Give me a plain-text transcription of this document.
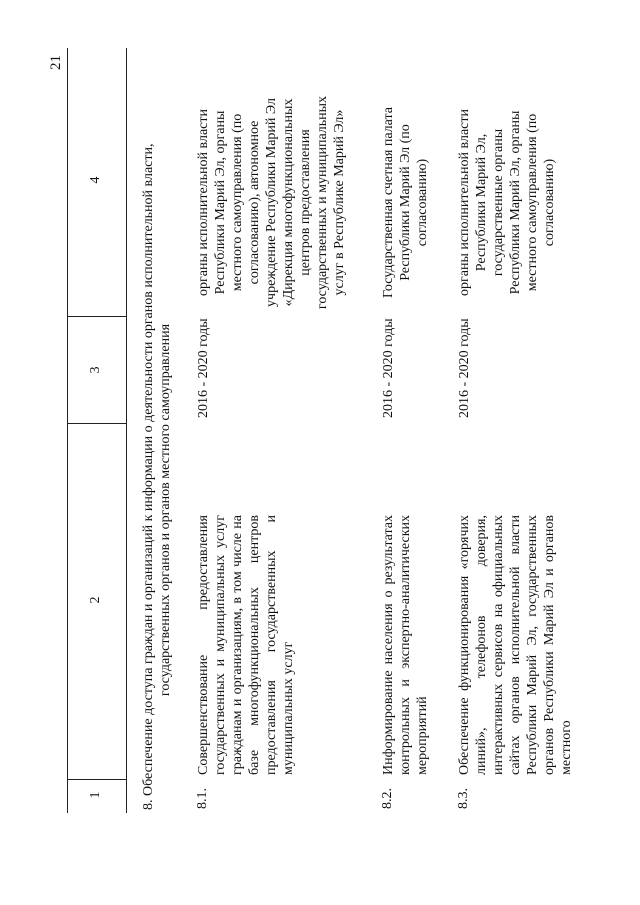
21
1
2
3
4	8. Обеспечение доступа граждан и организаций к информации о деятельности органов исполнительной власти, государственных органов и органов местного самоуправления
8.1.
Совершенствование предоставления государственных и муниципальных услуг гражданам и организациям, в том числе на базе многофункциональных центров предоставления государственных и муниципальных услуг
2016 - 2020 годы
органы исполнительной власти Республики Марий Эл, органы местного самоуправления (по согласованию), автономное учреждение Республики Марий Эл «Дирекция многофункциональных центров предоставления государственных и муниципальных услуг в Республике Марий Эл»
8.2.
Информирование населения о результатах контрольных и экспертно-аналитических мероприятий
2016 - 2020 годы
Государственная счетная палата Республики Марий Эл (по согласованию)
8.3.
Обеспечение функционирования «горячих линий», телефонов доверия, интерактивных сервисов на официальных сайтах органов исполнительной власти Республики Марий Эл, государственных органов Республики Марий Эл и органов местного
2016 - 2020 годы
органы исполнительной власти Республики Марий Эл, государственные органы Республики Марий Эл, органы местного самоуправления (по согласованию)
